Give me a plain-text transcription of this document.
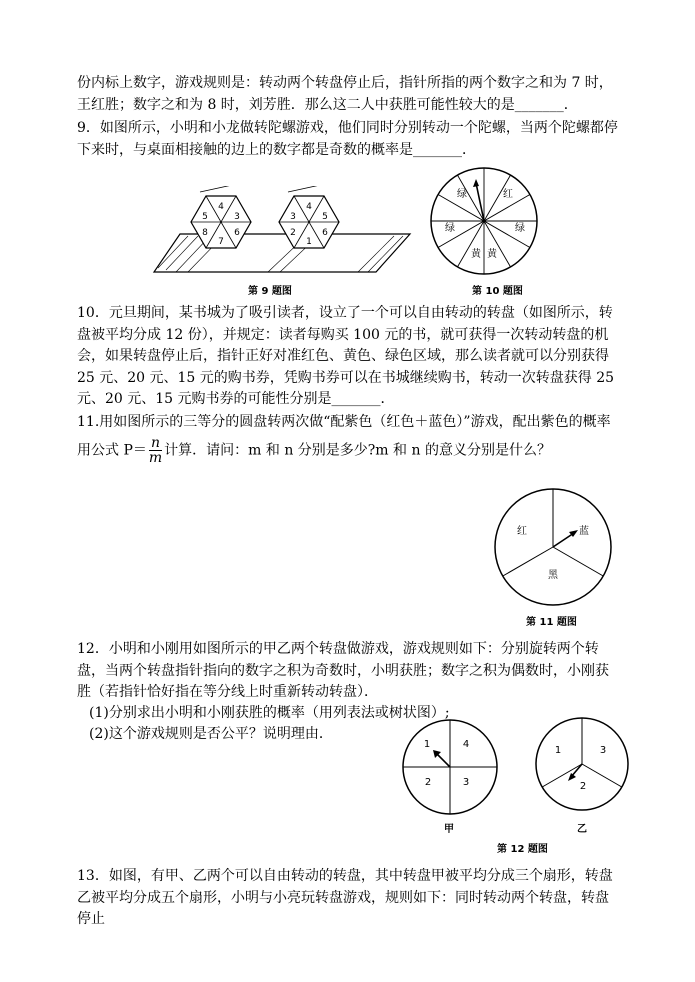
份内标上数字，游戏规则是：转动两个转盘停止后，指针所指的两个数字之和为 7 时，王红胜；数字之和为 8 时，刘芳胜．那么这二人中获胜可能性较大的是_______．

9．如图所示，小明和小龙做转陀螺游戏，他们同时分别转动一个陀螺，当两个陀螺都停下来时，与桌面相接触的边上的数字都是奇数的概率是_______．

4
5	3
8
7
6
4
3	5
2
1
6
第 9 题图
绿	红
绿	绿
黄 黄
第 10 题图

10．元旦期间，某书城为了吸引读者，设立了一个可以自由转动的转盘（如图所示，转盘被平均分成 12 份），并规定：读者每购买 100 元的书，就可获得一次转动转盘的机会，如果转盘停止后，指针正好对准红色、黄色、绿色区域，那么读者就可以分别获得 25 元、20 元、15 元的购书券，凭购书券可以在书城继续购书，转动一次转盘获得 25 元、20 元、15 元购书券的可能性分别是_______．

11.用如图所示的三等分的圆盘转两次做“配紫色（红色＋蓝色）”游戏，配出紫色的概率

用公式 $P= \frac{n}{m}$ 计算．请问：m 和 n 分别是多少?m 和 n 的意义分别是什么？
红	蓝
黑
第 11 题图

12．小明和小刚用如图所示的甲乙两个转盘做游戏，游戏规则如下：分别旋转两个转盘，当两个转盘指针指向的数字之积为奇数时，小明获胜；数字之积为偶数时，小刚获胜（若指针恰好指在等分线上时重新转动转盘）．

(1)分别求出小明和小刚获胜的概率（用列表法或树状图）;

(2)这个游戏规则是否公平？说明理由．

1	4
2	3
1	3
2
甲	乙
第 12 题图

13．如图，有甲、乙两个可以自由转动的转盘，其中转盘甲被平均分成三个扇形，转盘乙被平均分成五个扇形，小明与小亮玩转盘游戏，规则如下：同时转动两个转盘，转盘停止
